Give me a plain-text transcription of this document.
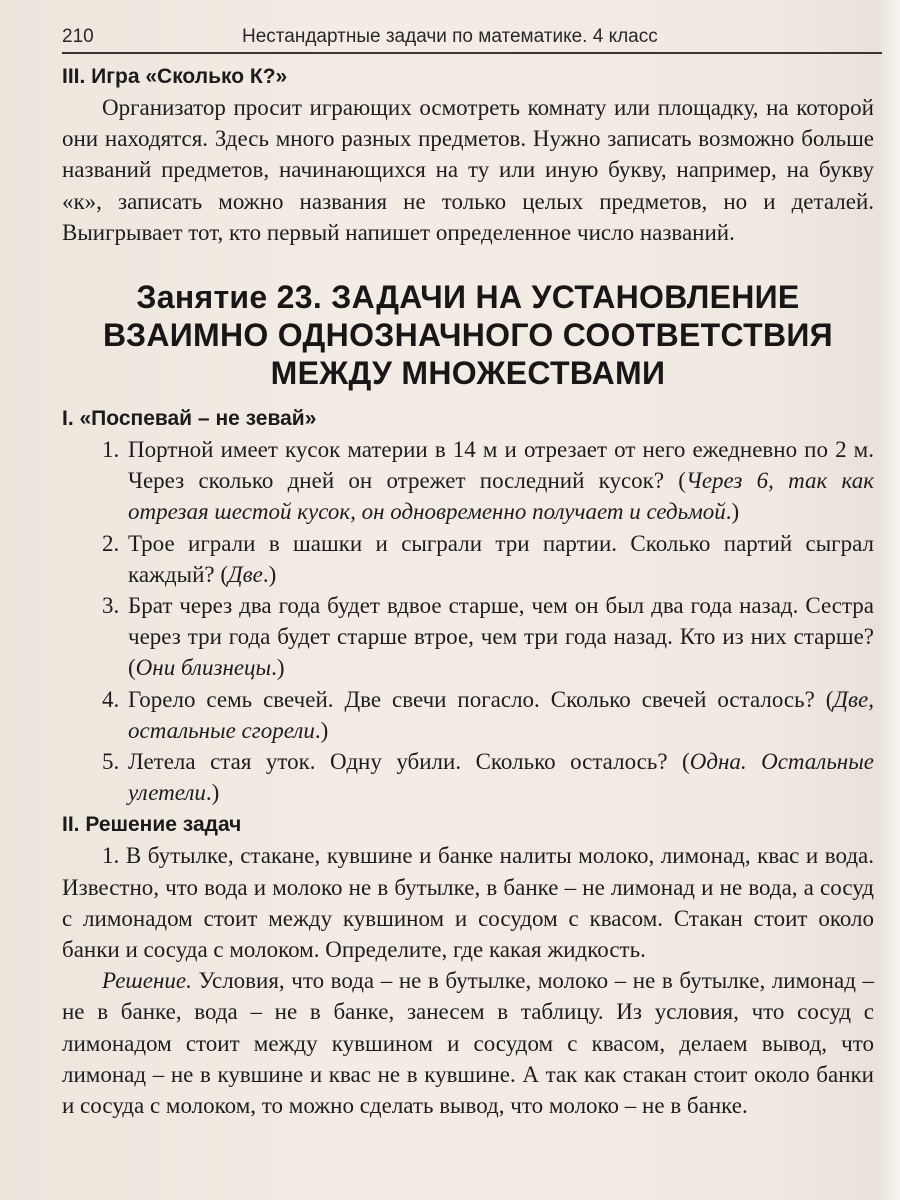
210	Нестандартные задачи по математике. 4 класс
III. Игра «Сколько К?»

Организатор просит играющих осмотреть комнату или площадку, на которой они находятся. Здесь много разных предметов. Нужно записать возможно больше названий предметов, начинающихся на ту или иную букву, например, на букву «к», записать можно названия не только целых предметов, но и деталей. Выигрывает тот, кто первый напишет определенное число названий.

Занятие 23. ЗАДАЧИ НА УСТАНОВЛЕНИЕ
ВЗАИМНО ОДНОЗНАЧНОГО СООТВЕТСТВИЯ
МЕЖДУ МНОЖЕСТВАМИ
I. «Поспевай – не зевай»
1. Портной имеет кусок материи в 14 м и отрезает от него ежедневно по 2 м. Через сколько дней он отрежет последний кусок? (Через 6, так как отрезая шестой кусок, он одновременно получает и седьмой.)
2. Трое играли в шашки и сыграли три партии. Сколько партий сыграл каждый? (Две.)
3. Брат через два года будет вдвое старше, чем он был два года назад. Сестра через три года будет старше втрое, чем три года назад. Кто из них старше? (Они близнецы.)
4. Горело семь свечей. Две свечи погасло. Сколько свечей осталось? (Две, остальные сгорели.)
5. Летела стая уток. Одну убили. Сколько осталось? (Одна. Остальные улетели.)
II. Решение задач

1. В бутылке, стакане, кувшине и банке налиты молоко, лимонад, квас и вода. Известно, что вода и молоко не в бутылке, в банке – не лимонад и не вода, а сосуд с лимонадом стоит между кувшином и сосудом с квасом. Стакан стоит около банки и сосуда с молоком. Определите, где какая жидкость.

Решение. Условия, что вода – не в бутылке, молоко – не в бутылке, лимонад – не в банке, вода – не в банке, занесем в таблицу. Из условия, что сосуд с лимонадом стоит между кувшином и сосудом с квасом, делаем вывод, что лимонад – не в кувшине и квас не в кувшине. А так как стакан стоит около банки и сосуда с молоком, то можно сделать вывод, что молоко – не в банке.
